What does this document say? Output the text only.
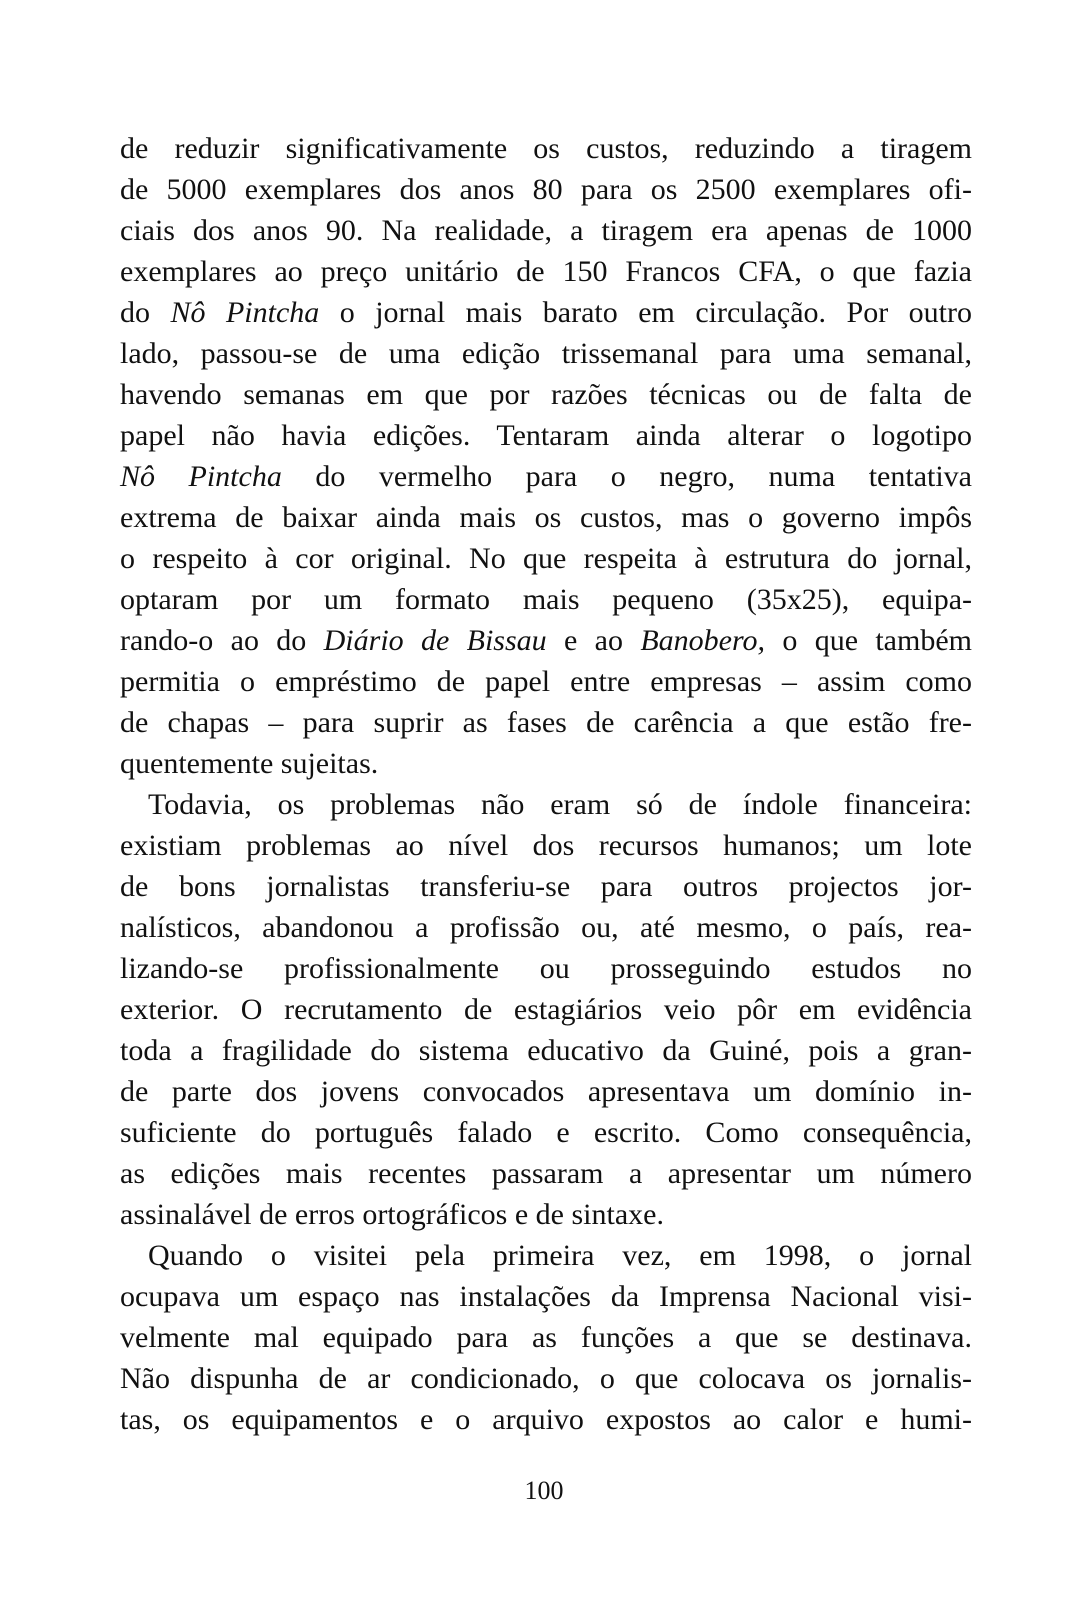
de reduzir significativamente os custos, reduzindo a tiragem
de 5000 exemplares dos anos 80 para os 2500 exemplares ofi-
ciais dos anos 90. Na realidade, a tiragem era apenas de 1000
exemplares ao preço unitário de 150 Francos CFA, o que fazia
do Nô Pintcha o jornal mais barato em circulação. Por outro
lado, passou-se de uma edição trissemanal para uma semanal,
havendo semanas em que por razões técnicas ou de falta de
papel não havia edições. Tentaram ainda alterar o logotipo
Nô Pintcha do vermelho para o negro, numa tentativa
extrema de baixar ainda mais os custos, mas o governo impôs
o respeito à cor original. No que respeita à estrutura do jornal,
optaram por um formato mais pequeno (35x25), equipa-
rando-o ao do Diário de Bissau e ao Banobero, o que também
permitia o empréstimo de papel entre empresas – assim como
de chapas – para suprir as fases de carência a que estão fre-
quentemente sujeitas.
Todavia, os problemas não eram só de índole financeira:
existiam problemas ao nível dos recursos humanos; um lote
de bons jornalistas transferiu-se para outros projectos jor-
nalísticos, abandonou a profissão ou, até mesmo, o país, rea-
lizando-se profissionalmente ou prosseguindo estudos no
exterior. O recrutamento de estagiários veio pôr em evidência
toda a fragilidade do sistema educativo da Guiné, pois a gran-
de parte dos jovens convocados apresentava um domínio in-
suficiente do português falado e escrito. Como consequência,
as edições mais recentes passaram a apresentar um número
assinalável de erros ortográficos e de sintaxe.
Quando o visitei pela primeira vez, em 1998, o jornal
ocupava um espaço nas instalações da Imprensa Nacional visi-
velmente mal equipado para as funções a que se destinava.
Não dispunha de ar condicionado, o que colocava os jornalis-
tas, os equipamentos e o arquivo expostos ao calor e humi-
100
